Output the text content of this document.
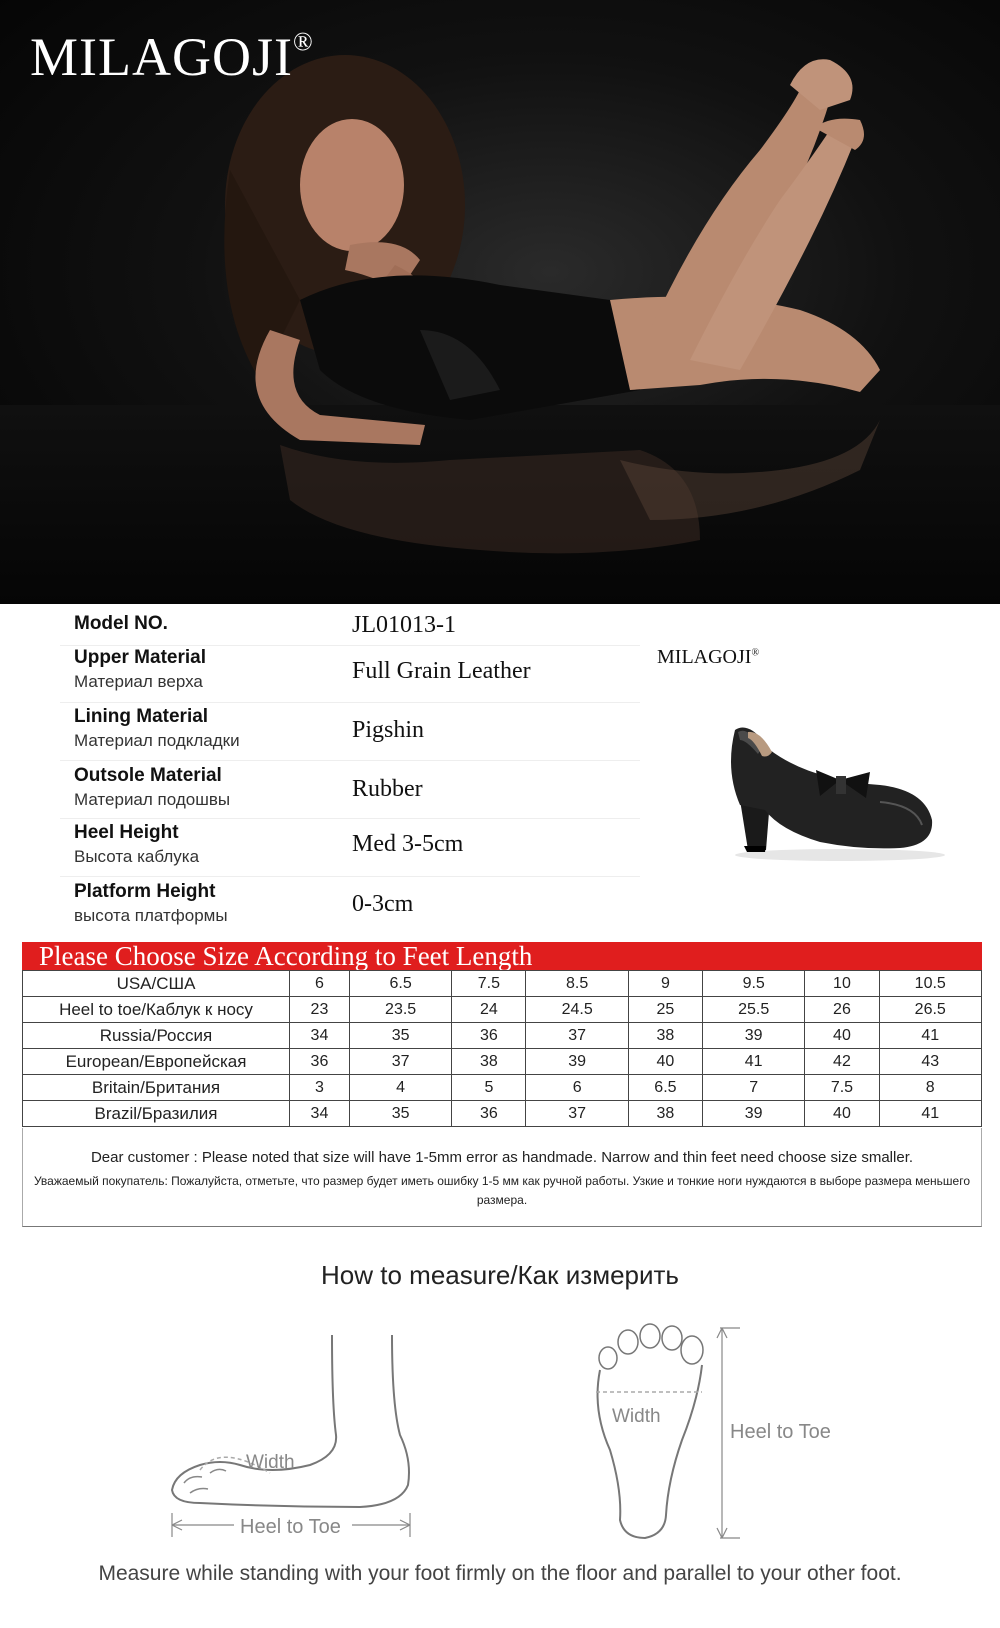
MILAGOJI®
Model NO.	JL01013-1
Upper Material
Материал верха	Full Grain Leather
Lining Material
Материал подкладки	Pigshin
Outsole Material
Материал подошвы	Rubber
Heel Height
Высота каблука	Med 3-5cm
Platform Height
высота платформы	0-3cm
MILAGOJI®
Please Choose Size According to Feet Length
USA/США	6	6.5	7.5	8.5	9	9.5	10	10.5
Heel to toe/Каблук к носу	23	23.5	24	24.5	25	25.5	26	26.5
Russia/Россия	34	35	36	37	38	39	40	41
European/Европейская	36	37	38	39	40	41	42	43
Britain/Британия	3	4	5	6	6.5	7	7.5	8
Brazil/Бразилия	34	35	36	37	38	39	40	41
Dear customer : Please noted that size will have 1-5mm error as handmade. Narrow and thin feet need choose size smaller.
Уважаемый покупатель: Пожалуйста, отметьте, что размер будет иметь ошибку 1-5 мм как ручной работы. Узкие и тонкие ноги нуждаются в выборе размера меньшего размера.
How to measure/Как измерить
Width
Heel to Toe
Width
Heel to Toe
Measure while standing with your foot firmly on the floor and parallel to your other foot.
